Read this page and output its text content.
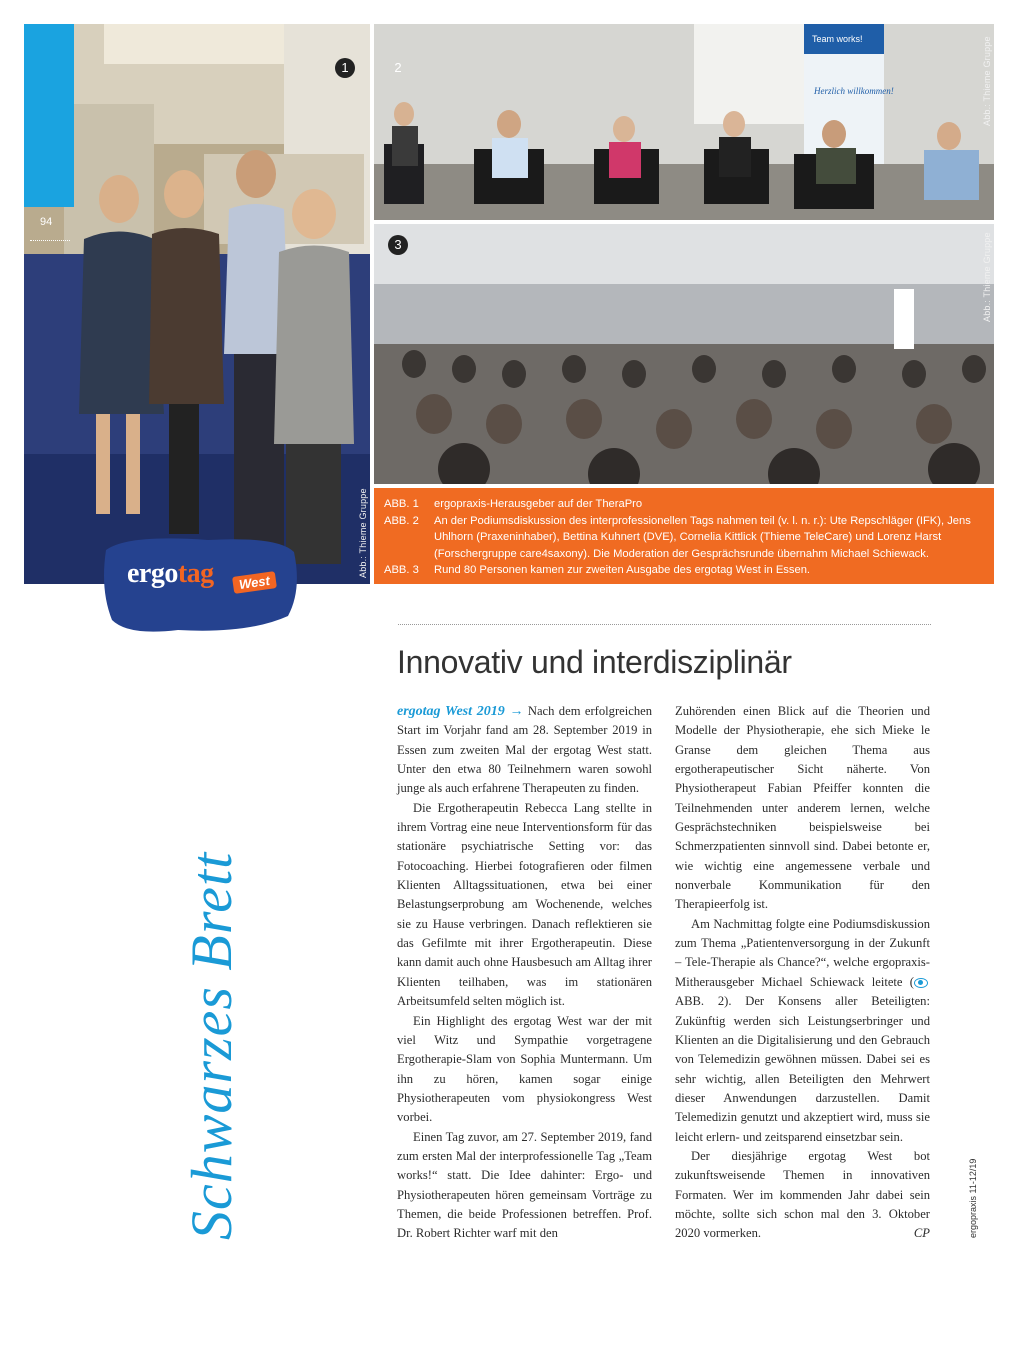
94
1
Abb.: Thieme Gruppe
Team works!
Herzlich willkommen!
2	Abb.: Thieme Gruppe
3	Abb.: Thieme Gruppe
ergotag	West
ABB. 1	ergopraxis-Herausgeber auf der TheraPro
ABB. 2	An der Podiumsdiskussion des interprofessionellen Tags nahmen teil (v. l. n. r.): Ute Repschläger (IFK), Jens Uhlhorn (Praxeninhaber), Bettina Kuhnert (DVE), Cornelia Kittlick (Thieme TeleCare) und Lorenz Harst (Forschergruppe care4saxony). Die Moderation der Gesprächsrunde übernahm Michael Schiewack.
ABB. 3	Rund 80 Personen kamen zur zweiten Ausgabe des ergotag West in Essen.
Innovativ und interdisziplinär

ergotag West 2019 → Nach dem erfolgreichen Start im Vorjahr fand am 28. September 2019 in Essen zum zweiten Mal der ergotag West statt. Unter den etwa 80 Teilnehmern waren sowohl junge als auch erfahrene Therapeuten zu finden.

Die Ergotherapeutin Rebecca Lang stellte in ihrem Vortrag eine neue Interventionsform für das stationäre psychiatrische Setting vor: das Fotocoaching. Hierbei fotografieren oder filmen Klienten Alltagssituationen, etwa bei einer Belastungserprobung am Wochenende, welches sie zu Hause verbringen. Danach reflektieren sie das Gefilmte mit ihrer Ergotherapeutin. Diese kann damit auch ohne Hausbesuch am Alltag ihrer Klienten teilhaben, was im stationären Arbeitsumfeld selten möglich ist.

Ein Highlight des ergotag West war der mit viel Witz und Sympathie vorgetragene Ergotherapie-Slam von Sophia Muntermann. Um ihn zu hören, kamen sogar einige Physiotherapeuten vom physiokongress West vorbei.

Einen Tag zuvor, am 27. September 2019, fand zum ersten Mal der interprofessionelle Tag „Team works!“ statt. Die Idee dahinter: Ergo- und Physiotherapeuten hören gemeinsam Vorträge zu Themen, die beide Professionen betreffen. Prof. Dr. Robert Richter warf mit den

Zuhörenden einen Blick auf die Theorien und Modelle der Physiotherapie, ehe sich Mieke le Granse dem gleichen Thema aus ergotherapeutischer Sicht näherte. Von Physiotherapeut Fabian Pfeiffer konnten die Teilnehmenden unter anderem lernen, welche Gesprächstechniken beispielsweise bei Schmerzpatienten sinnvoll sind. Dabei betonte er, wie wichtig eine angemessene verbale und nonverbale Kommunikation für den Therapieerfolg ist.

Am Nachmittag folgte eine Podiumsdiskussion zum Thema „Patientenversorgung in der Zukunft – Tele-Therapie als Chance?“, welche ergopraxis-Mitherausgeber Michael Schiewack leitete (ABB. 2). Der Konsens aller Beteiligten: Zukünftig werden sich Leistungserbringer und Klienten an die Digitalisierung und den Gebrauch von Telemedizin gewöhnen müssen. Dabei sei es sehr wichtig, allen Beteiligten den Mehrwert dieser Anwendungen darzustellen. Damit Telemedizin genutzt und akzeptiert wird, muss sie leicht erlern- und zeitsparend einsetzbar sein.

Der diesjährige ergotag West bot zukunftsweisende Themen in innovativen Formaten. Wer im kommenden Jahr dabei sein möchte, sollte sich schon mal den 3. Oktober 2020 vormerken.	CP

Schwarzes Brett	ergopraxis 11-12/19
